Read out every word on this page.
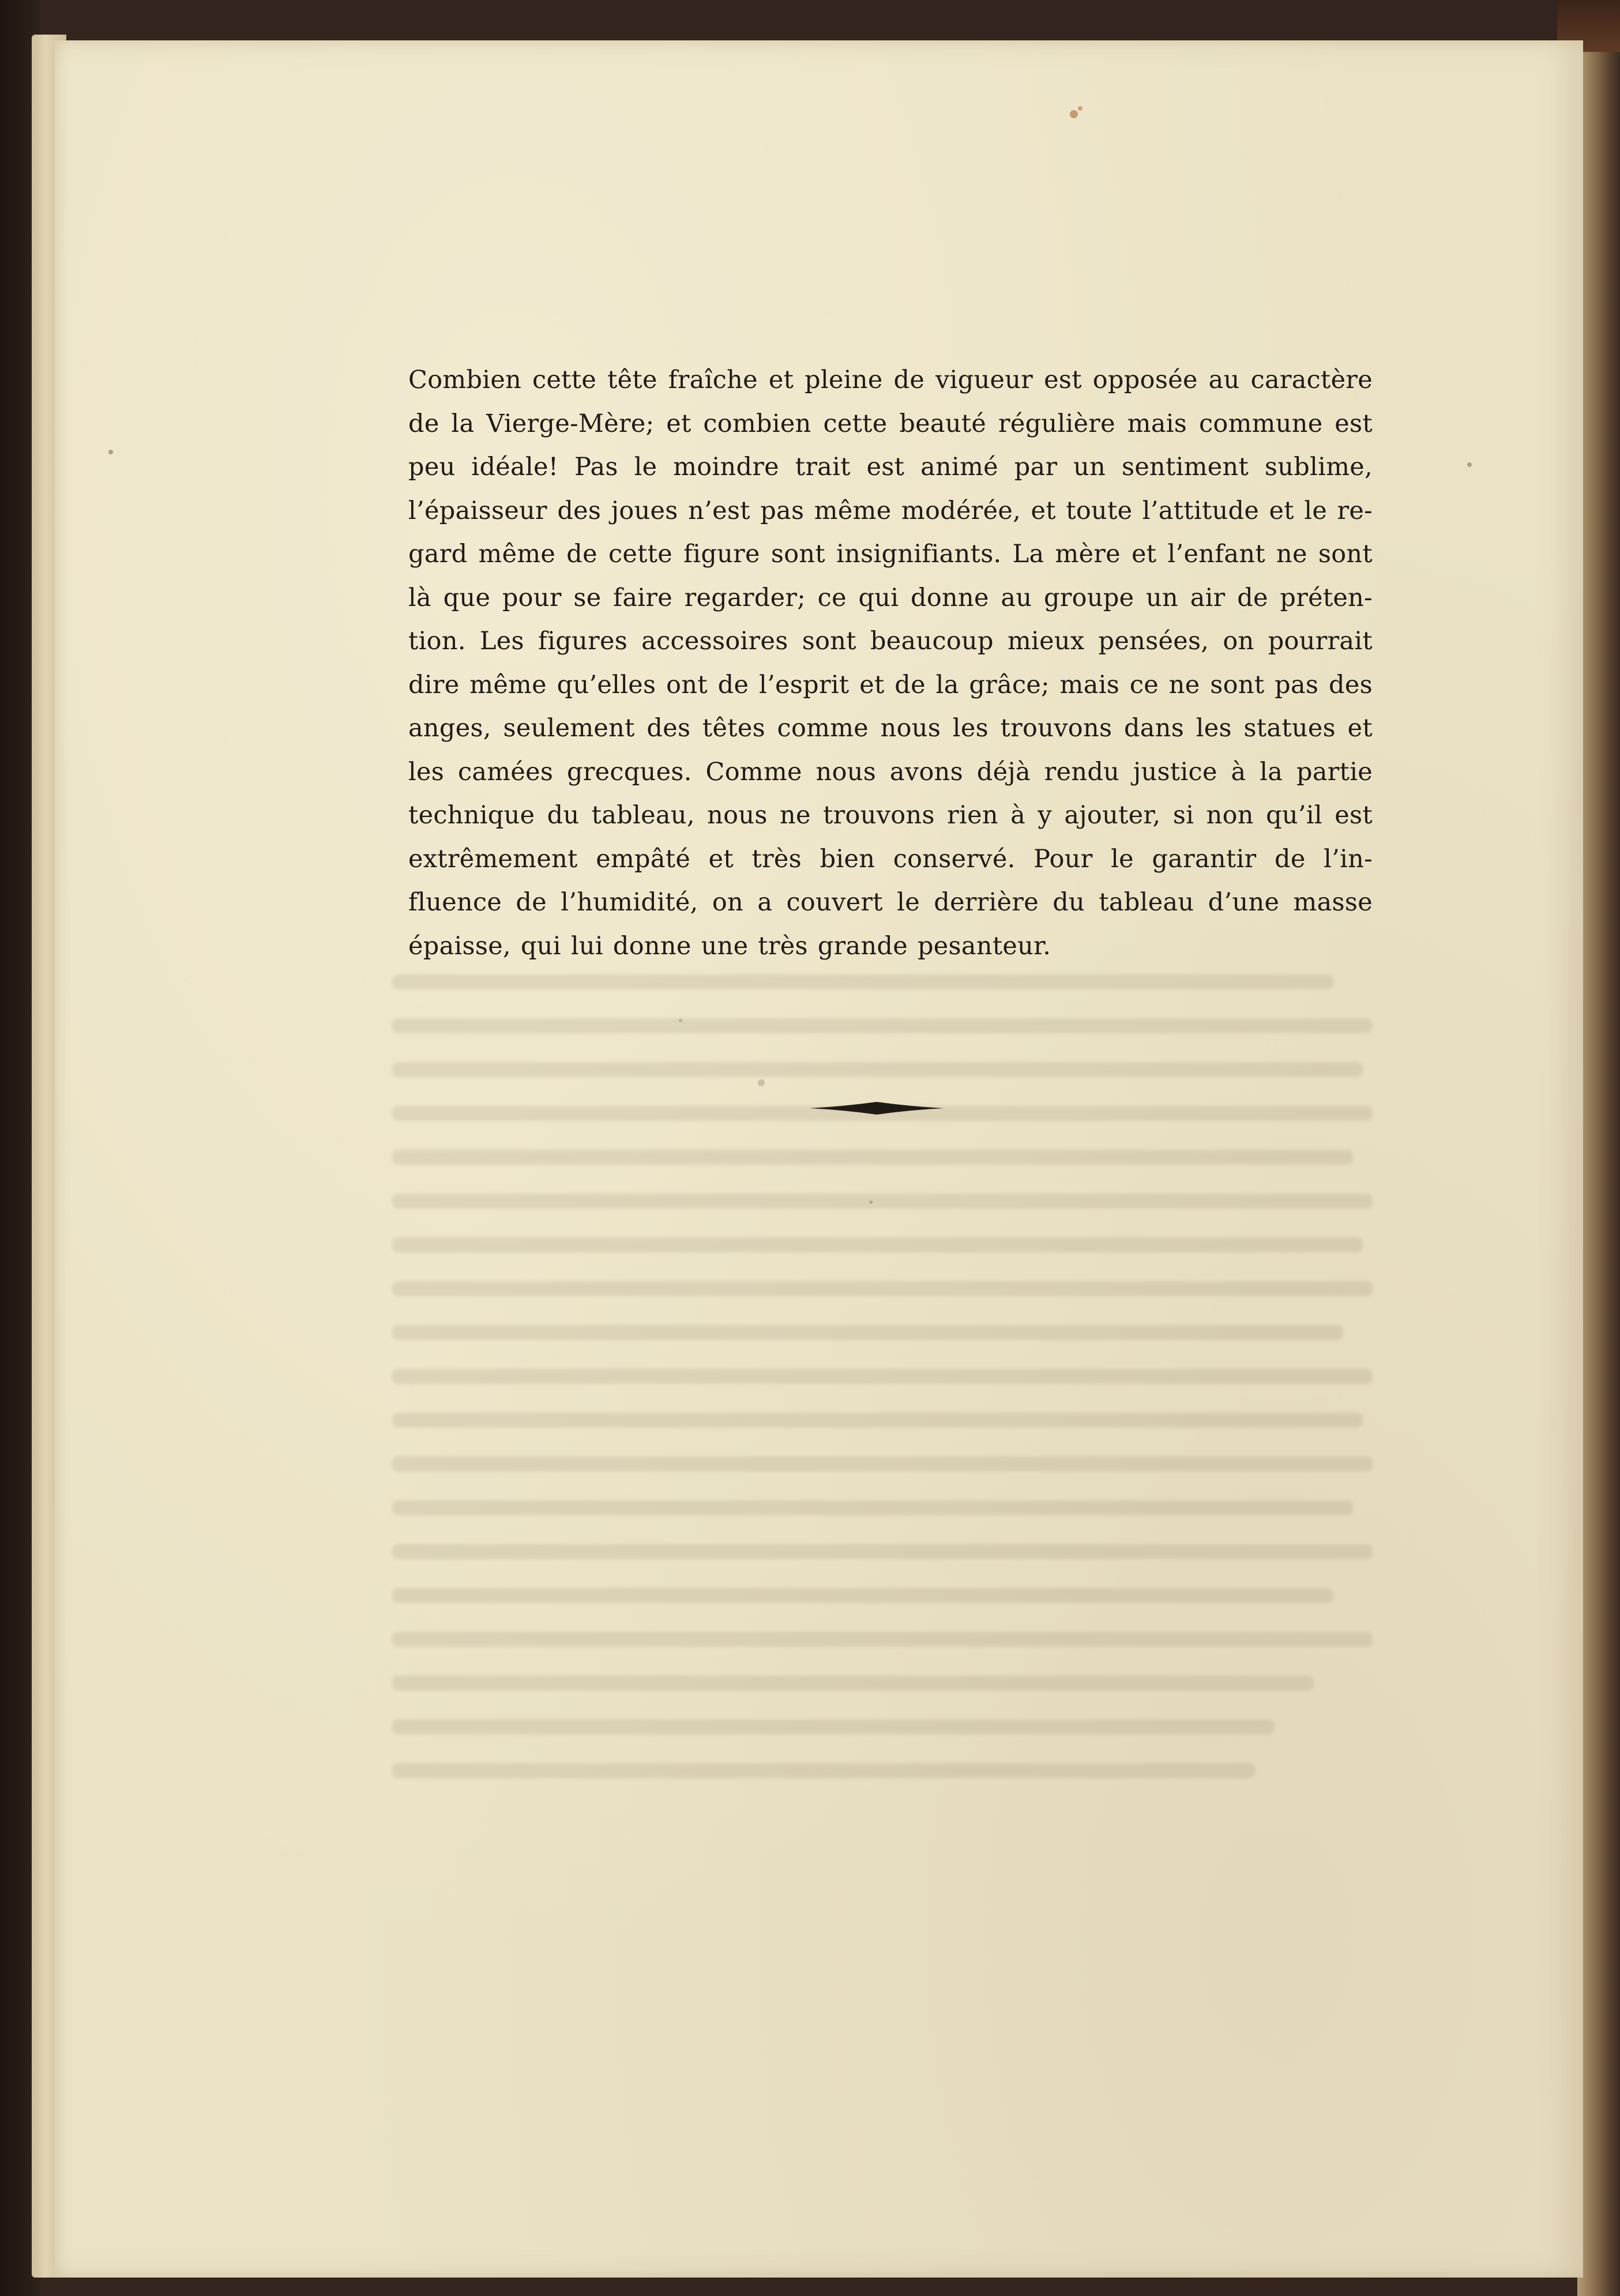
Combien cette tête fraîche et pleine de vigueur est opposée au caractère
de la Vierge-Mère; et combien cette beauté régulière mais commune est
peu idéale! Pas le moindre trait est animé par un sentiment sublime,
l’épaisseur des joues n’est pas même modérée, et toute l’attitude et le re-
gard même de cette figure sont insignifiants. La mère et l’enfant ne sont
là que pour se faire regarder; ce qui donne au groupe un air de préten-
tion. Les figures accessoires sont beaucoup mieux pensées, on pourrait
dire même qu’elles ont de l’esprit et de la grâce; mais ce ne sont pas des
anges, seulement des têtes comme nous les trouvons dans les statues et
les camées grecques. Comme nous avons déjà rendu justice à la partie
technique du tableau, nous ne trouvons rien à y ajouter, si non qu’il est
extrêmement empâté et très bien conservé. Pour le garantir de l’in-
fluence de l’humidité, on a couvert le derrière du tableau d’une masse
épaisse, qui lui donne une très grande pesanteur.
